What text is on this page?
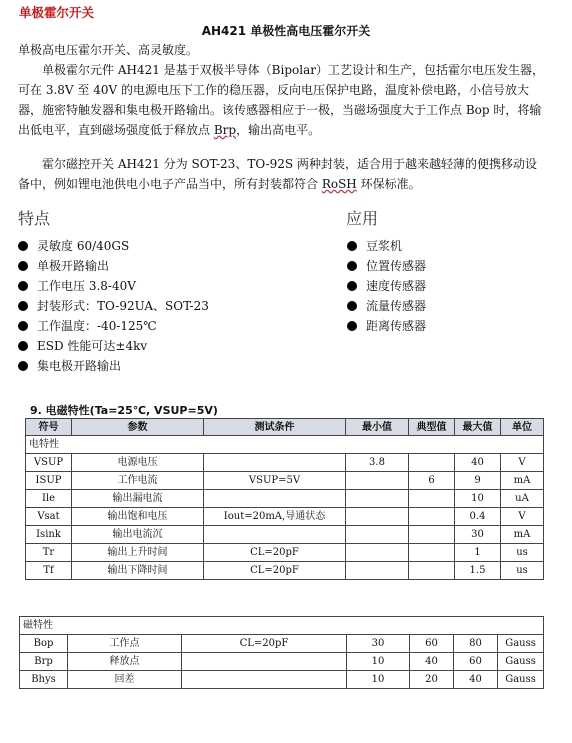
单极霍尔开关
AH421 单极性高电压霍尔开关

单极高电压霍尔开关、高灵敏度。

单极霍尔元件 AH421 是基于双极半导体（Bipolar）工艺设计和生产，包括霍尔电压发生器，可在 3.8V 至 40V 的电源电压下工作的稳压器，反向电压保护电路，温度补偿电路，小信号放大器，施密特触发器和集电极开路输出。该传感器相应于一极，当磁场强度大于工作点 Bop 时，将输出低电平，直到磁场强度低于释放点 Brp，输出高电平。

霍尔磁控开关 AH421 分为 SOT-23、TO-92S 两种封装，适合用于越来越轻薄的便携移动设备中，例如锂电池供电小电子产品当中，所有封装都符合 RoSH 环保标准。

特点	应用
灵敏度 60/40GS
单极开路输出
工作电压 3.8-40V
封装形式：TO-92UA、SOT-23
工作温度：-40-125℃
ESD 性能可达±4kv
集电极开路输出
豆浆机
位置传感器
速度传感器
流量传感器
距离传感器
9. 电磁特性(Ta=25℃, VSUP=5V)
符号	参数	测试条件	最小值	典型值	最大值	单位
电特性						
VSUP	电源电压		3.8		40	V
ISUP	工作电流	VSUP=5V		6	9	mA
Ile	输出漏电流				10	uA
Vsat	输出饱和电压	Iout=20mA,导通状态			0.4	V
Isink	输出电流沉				30	mA
Tr	输出上升时间	CL=20pF			1	us
Tf	输出下降时间	CL=20pF			1.5	us
磁特性						
Bop	工作点	CL=20pF	30	60	80	Gauss
Brp	释放点		10	40	60	Gauss
Bhys	回差		10	20	40	Gauss
